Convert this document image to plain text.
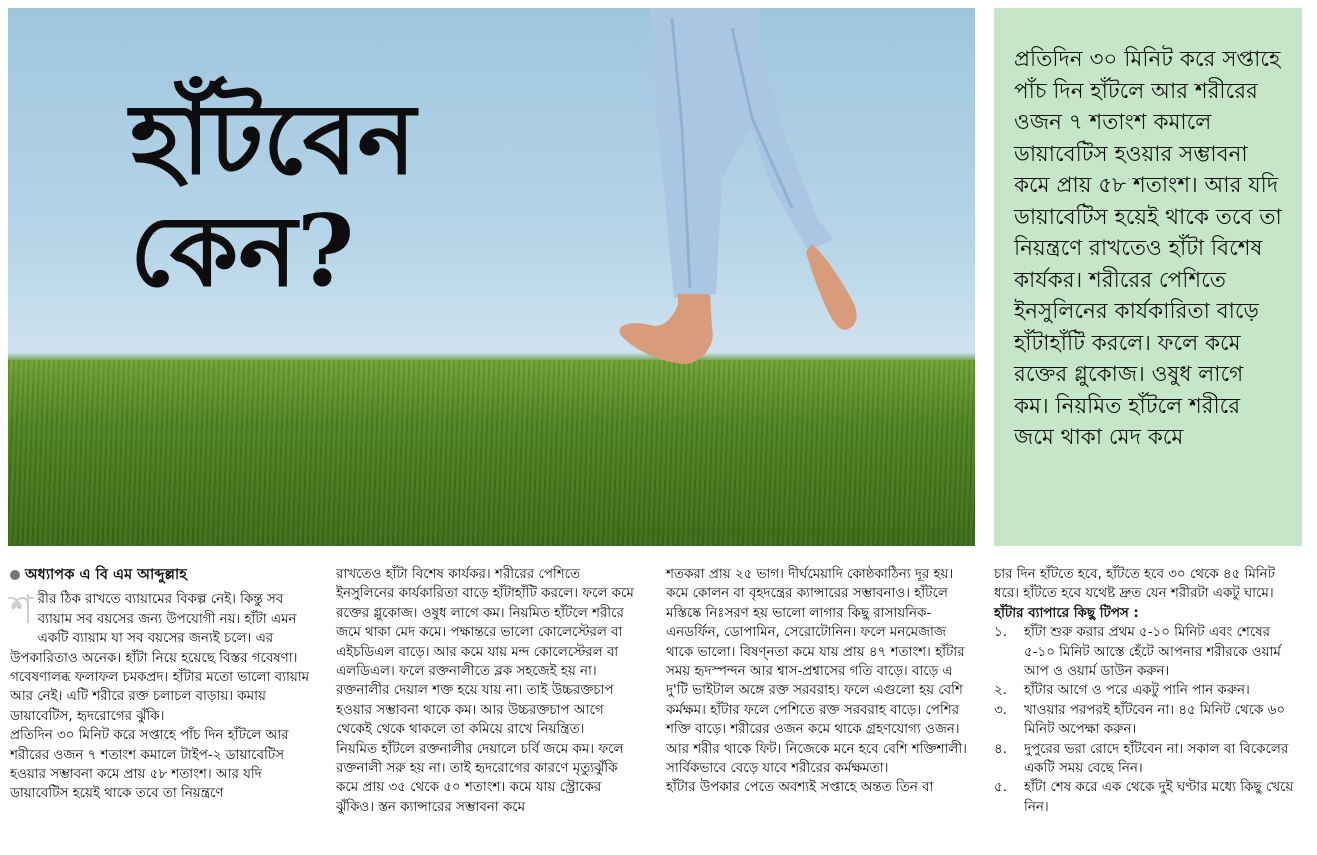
হাঁটবেন
কেন?

প্রতিদিন ৩০ মিনিট করে সপ্তাহে পাঁচ দিন হাঁটলে আর শরীরের ওজন ৭ শতাংশ কমালে ডায়াবেটিস হওয়ার সম্ভাবনা কমে প্রায় ৫৮ শতাংশ। আর যদি ডায়াবেটিস হয়েই থাকে তবে তা নিয়ন্ত্রণে রাখতেও হাঁটা বিশেষ কার্যকর। শরীরের পেশিতে ইনসুলিনের কার্যকারিতা বাড়ে হাঁটাহাঁটি করলে। ফলে কমে রক্তের গ্লুকোজ। ওষুধ লাগে কম। নিয়মিত হাঁটলে শরীরে জমে থাকা মেদ কমে

অধ্যাপক এ বি এম আব্দুল্লাহ

শরীর ঠিক রাখতে ব্যায়ামের বিকল্প নেই। কিন্তু সব ব্যায়াম সব বয়সের জন্য উপযোগী নয়। হাঁটা এমন একটি ব্যায়াম যা সব বয়সের জন্যই চলে। এর উপকারিতাও অনেক। হাঁটা নিয়ে হয়েছে বিস্তর গবেষণা। গবেষণালব্ধ ফলাফল চমকপ্রদ। হাঁটার মতো ভালো ব্যায়াম আর নেই। এটি শরীরে রক্ত চলাচল বাড়ায়। কমায় ডায়াবেটিস, হৃদরোগের ঝুঁকি।

প্রতিদিন ৩০ মিনিট করে সপ্তাহে পাঁচ দিন হাঁটলে আর শরীরের ওজন ৭ শতাংশ কমালে টাইপ-২ ডায়াবেটিস হওয়ার সম্ভাবনা কমে প্রায় ৫৮ শতাংশ। আর যদি ডায়াবেটিস হয়েই থাকে তবে তা নিয়ন্ত্রণে

রাখতেও হাঁটা বিশেষ কার্যকর। শরীরের পেশিতে ইনসুলিনের কার্যকারিতা বাড়ে হাঁটাহাঁটি করলে। ফলে কমে রক্তের গ্লুকোজ। ওষুধ লাগে কম। নিয়মিত হাঁটলে শরীরে জমে থাকা মেদ কমে। পক্ষান্তরে ভালো কোলেস্টেরল বা এইচডিএল বাড়ে। আর কমে যায় মন্দ কোলেস্টেরল বা এলডিএল। ফলে রক্তনালীতে ব্লক সহজেই হয় না। রক্তনালীর দেয়াল শক্ত হয়ে যায় না। তাই উচ্চরক্তচাপ হওয়ার সম্ভাবনা থাকে কম। আর উচ্চরক্তচাপ আগে থেকেই থেকে থাকলে তা কমিয়ে রাখে নিয়ন্ত্রিত।

নিয়মিত হাঁটলে রক্তনালীর দেয়ালে চর্বি জমে কম। ফলে রক্তনালী সরু হয় না। তাই হৃদরোগের কারণে মৃত্যুঝুঁকি কমে প্রায় ৩৫ থেকে ৫০ শতাংশ। কমে যায় স্ট্রোকের ঝুঁকিও। স্তন ক্যান্সারের সম্ভাবনা কমে

শতকরা প্রায় ২৫ ভাগ। দীর্ঘমেয়াদি কোষ্ঠকাঠিন্য দূর হয়। কমে কোলন বা বৃহদন্ত্রের ক্যান্সারের সম্ভাবনাও। হাঁটলে মস্তিষ্কে নিঃসরণ হয় ভালো লাগার কিছু রাসায়নিক-এনডর্ফিন, ডোপামিন, সেরোটোনিন। ফলে মনমেজাজ থাকে ভালো। বিষণ্নতা কমে যায় প্রায় ৪৭ শতাংশ। হাঁটার সময় হৃদস্পন্দন আর শ্বাস-প্রশ্বাসের গতি বাড়ে। বাড়ে এ দু'টি ভাইটাল অঙ্গে রক্ত সরবরাহ। ফলে এগুলো হয় বেশি কর্মক্ষম। হাঁটার ফলে পেশিতে রক্ত সরবরাহ বাড়ে। পেশির শক্তি বাড়ে। শরীরের ওজন কমে থাকে গ্রহণযোগ্য ওজন। আর শরীর থাকে ফিট। নিজেকে মনে হবে বেশি শক্তিশালী। সার্বিকভাবে বেড়ে যাবে শরীরের কর্মক্ষমতা।

হাঁটার উপকার পেতে অবশ্যই সপ্তাহে অন্তত তিন বা

চার দিন হাঁটতে হবে, হাঁটতে হবে ৩০ থেকে ৪৫ মিনিট ধরে। হাঁটতে হবে যথেষ্ট দ্রুত যেন শরীরটা একটু ঘামে।

হাঁটার ব্যাপারে কিছু টিপস :

১. হাঁটা শুরু করার প্রথম ৫-১০ মিনিট এবং শেষের ৫-১০ মিনিট আস্তে হেঁটে আপনার শরীরকে ওয়ার্ম আপ ও ওয়ার্ম ডাউন করুন।
২. হাঁটার আগে ও পরে একটু পানি পান করুন।
৩. খাওয়ার পরপরই হাঁটবেন না। ৪৫ মিনিট থেকে ৬০ মিনিট অপেক্ষা করুন।
৪. দুপুরের ভরা রোদে হাঁটবেন না। সকাল বা বিকেলের একটি সময় বেছে নিন।
৫. হাঁটা শেষ করে এক থেকে দুই ঘণ্টার মধ্যে কিছু খেয়ে নিন।
